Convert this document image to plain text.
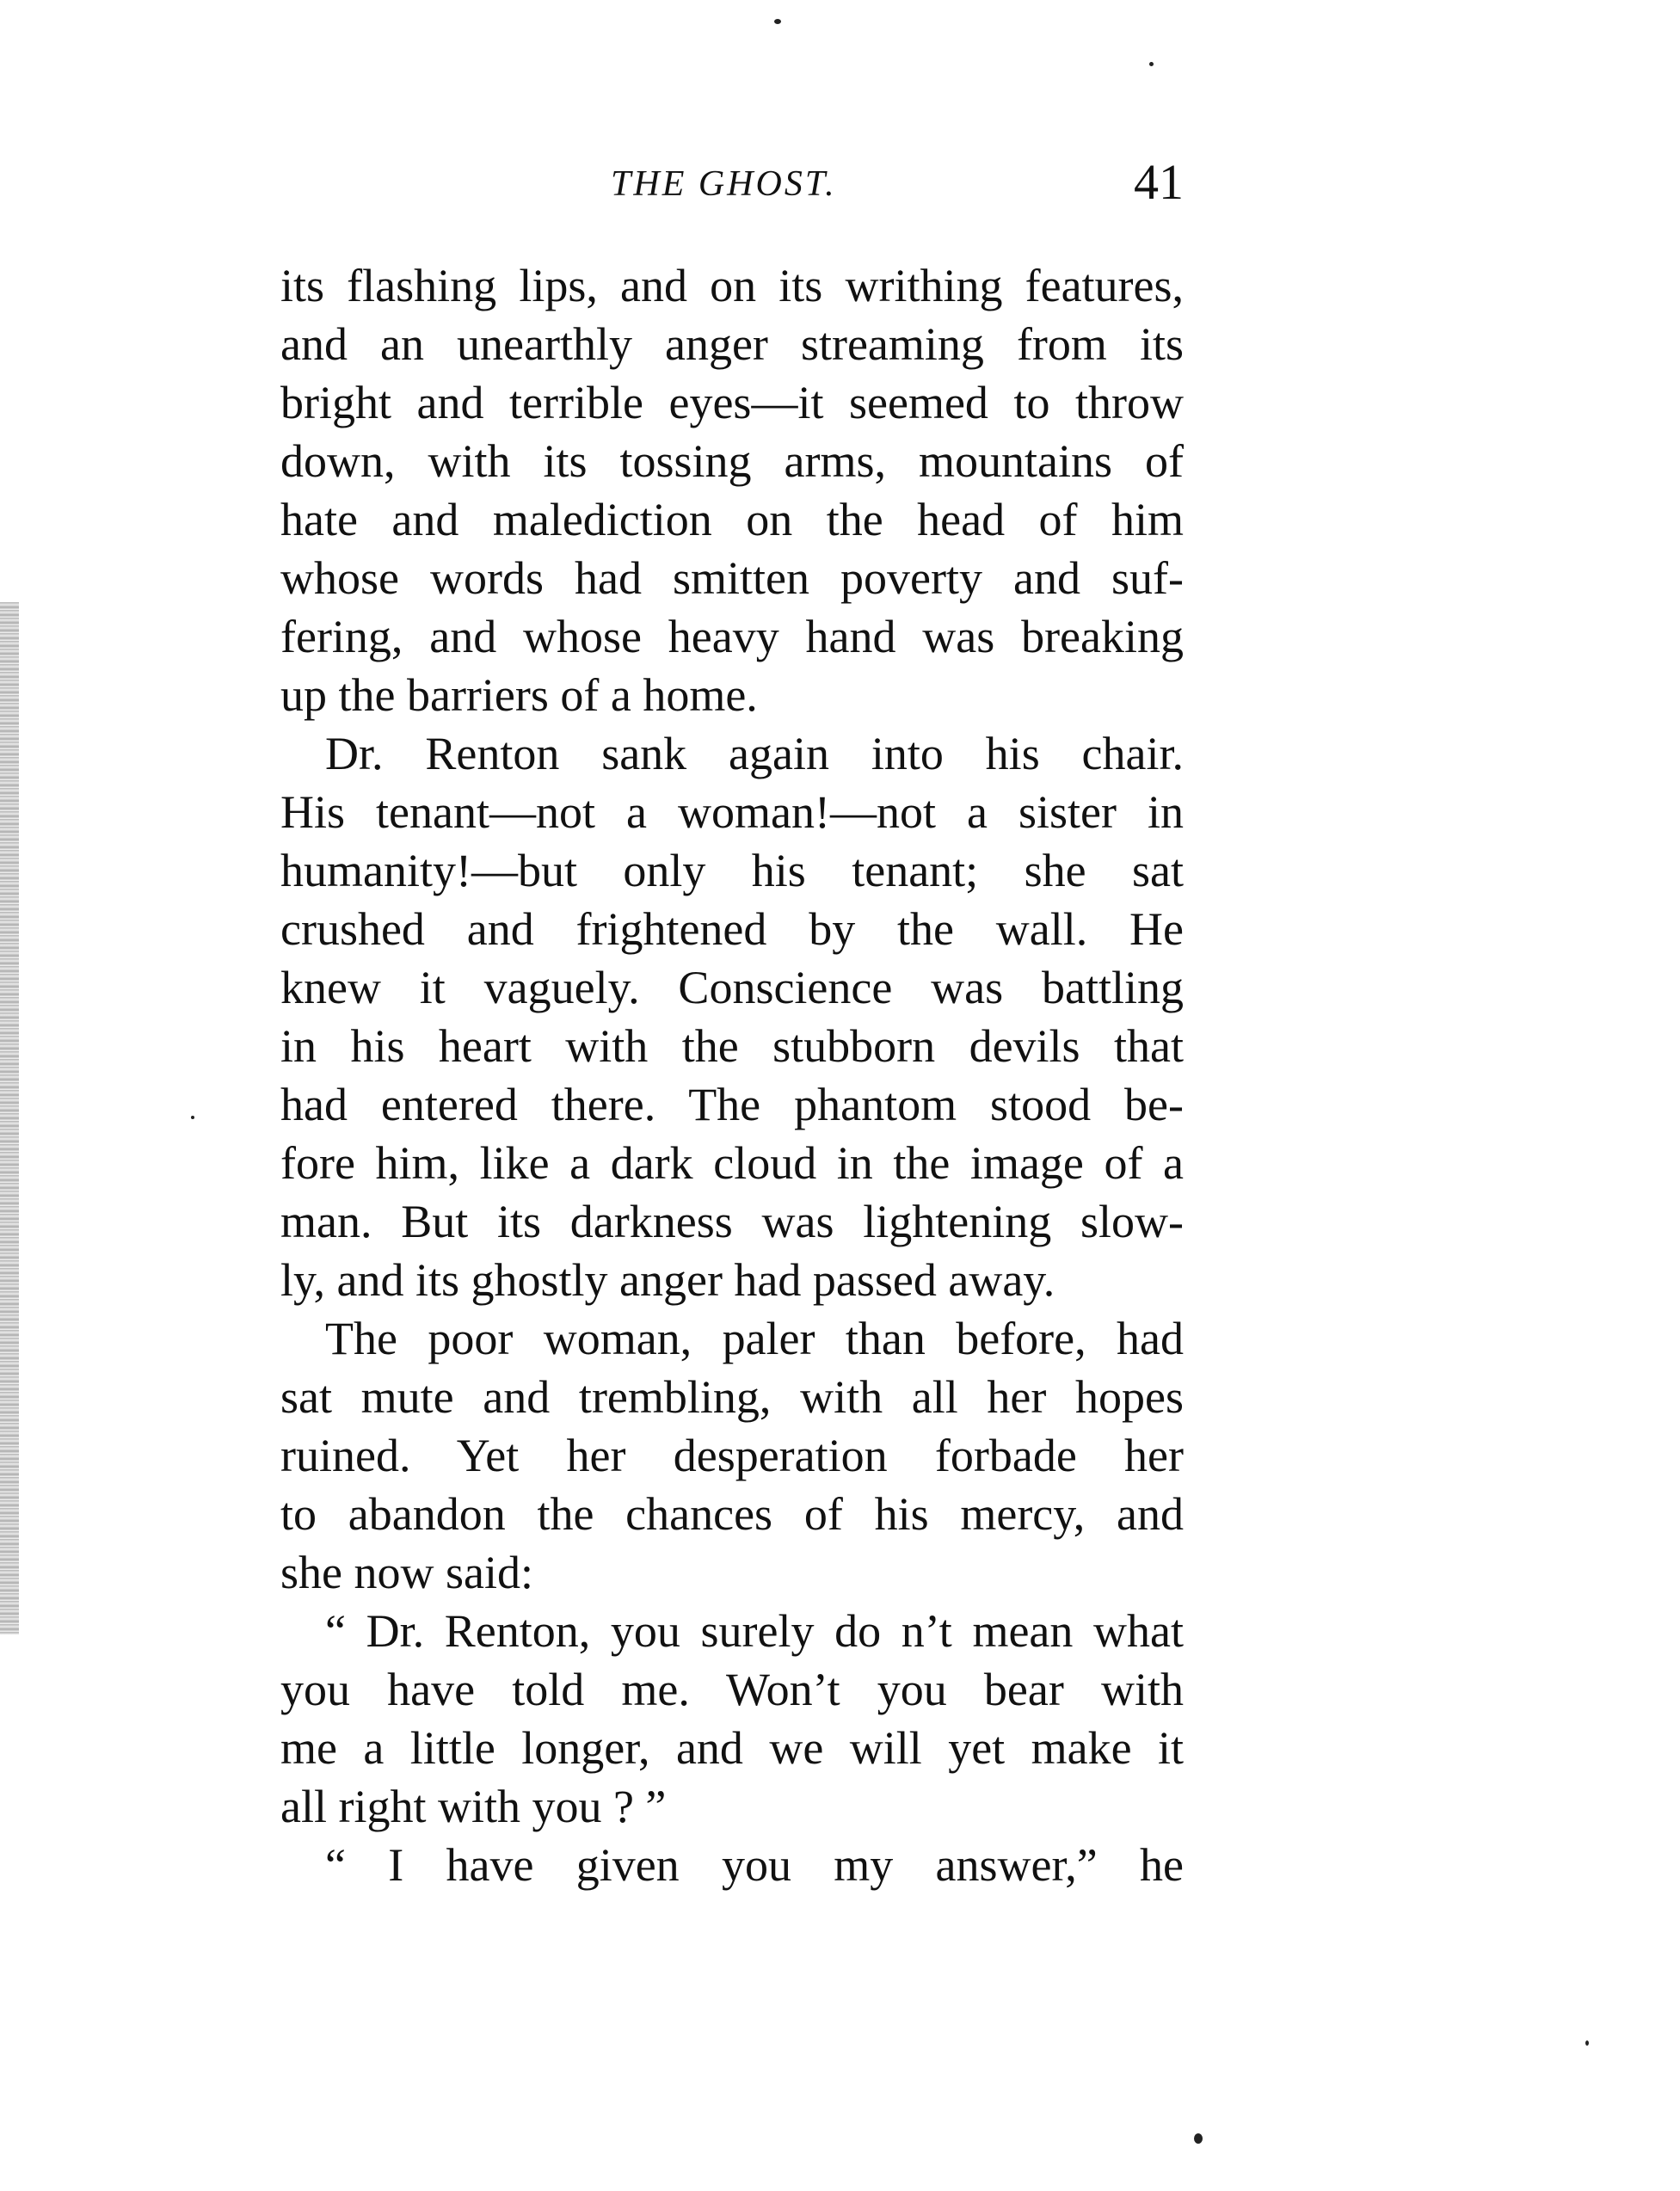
THE GHOST.	41
its flashing lips, and on its writhing features,
and an unearthly anger streaming from its
bright and terrible eyes—it seemed to throw
down, with its tossing arms, mountains of
hate and malediction on the head of him
whose words had smitten poverty and suf-
fering, and whose heavy hand was breaking
up the barriers of a home.
Dr. Renton sank again into his chair.
His tenant—not a woman!—not a sister in
humanity!—but only his tenant; she sat
crushed and frightened by the wall. He
knew it vaguely. Conscience was battling
in his heart with the stubborn devils that
had entered there. The phantom stood be-
fore him, like a dark cloud in the image of a
man. But its darkness was lightening slow-
ly, and its ghostly anger had passed away.
The poor woman, paler than before, had
sat mute and trembling, with all her hopes
ruined. Yet her desperation forbade her
to abandon the chances of his mercy, and
she now said:
“ Dr. Renton, you surely do n’t mean what
you have told me. Won’t you bear with
me a little longer, and we will yet make it
all right with you ? ”
“ I have given you my answer,” he
